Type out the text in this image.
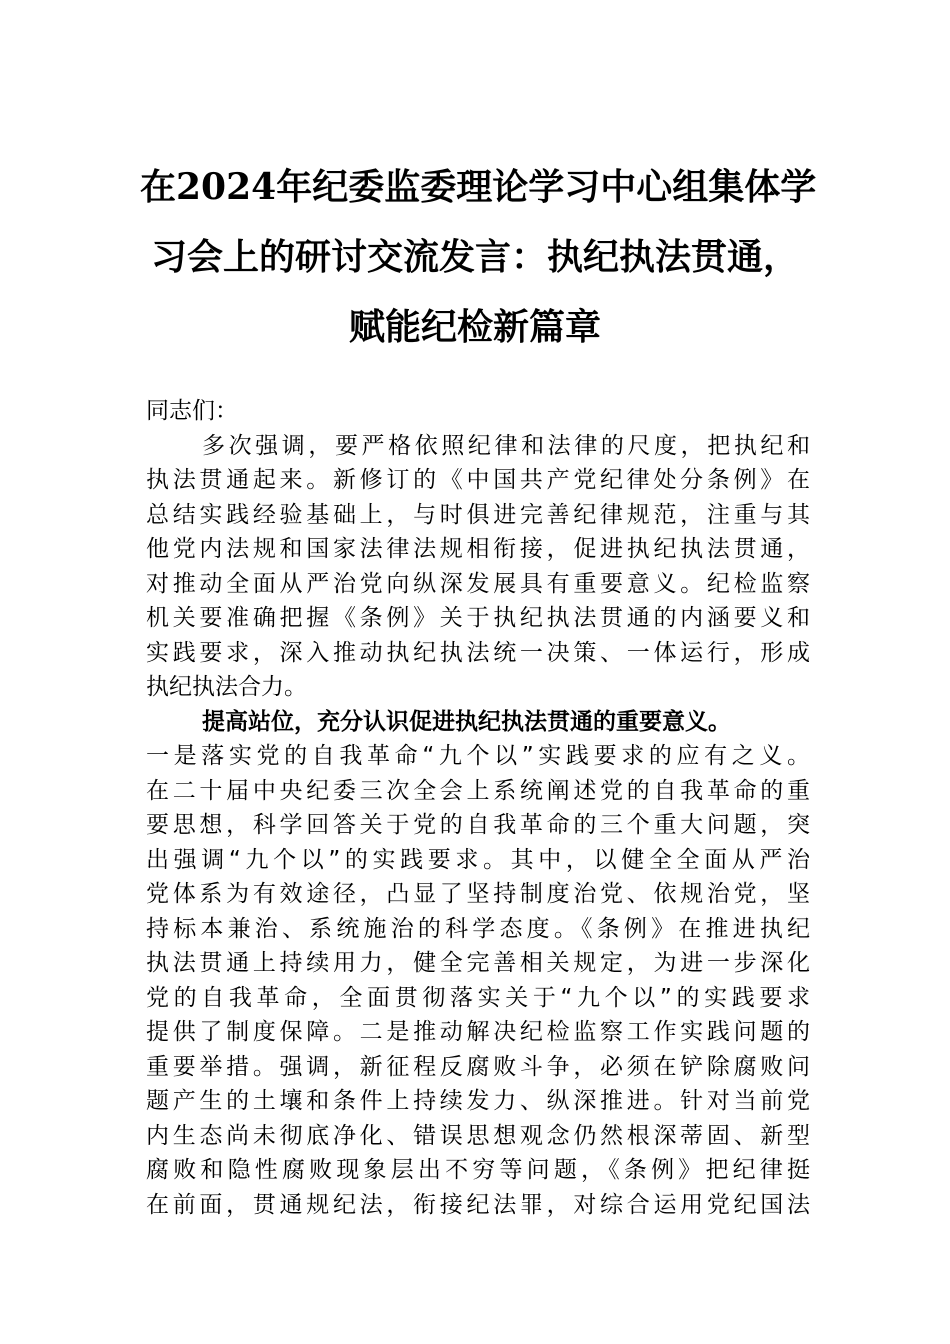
在2024年纪委监委理论学习中心组集体学
习会上的研讨交流发言：执纪执法贯通，
赋能纪检新篇章
同志们：
多次强调，要严格依照纪律和法律的尺度，把执纪和
执法贯通起来。新修订的《中国共产党纪律处分条例》在
总结实践经验基础上，与时俱进完善纪律规范，注重与其
他党内法规和国家法律法规相衔接，促进执纪执法贯通，
对推动全面从严治党向纵深发展具有重要意义。纪检监察
机关要准确把握《条例》关于执纪执法贯通的内涵要义和
实践要求，深入推动执纪执法统一决策、一体运行，形成
执纪执法合力。
提高站位，充分认识促进执纪执法贯通的重要意义。
一是落实党的自我革命“九个以”实践要求的应有之义。
在二十届中央纪委三次全会上系统阐述党的自我革命的重
要思想，科学回答关于党的自我革命的三个重大问题，突
出强调“九个以”的实践要求。其中，以健全全面从严治
党体系为有效途径，凸显了坚持制度治党、依规治党，坚
持标本兼治、系统施治的科学态度。《条例》在推进执纪
执法贯通上持续用力，健全完善相关规定，为进一步深化
党的自我革命，全面贯彻落实关于“九个以”的实践要求
提供了制度保障。二是推动解决纪检监察工作实践问题的
重要举措。强调，新征程反腐败斗争，必须在铲除腐败问
题产生的土壤和条件上持续发力、纵深推进。针对当前党
内生态尚未彻底净化、错误思想观念仍然根深蒂固、新型
腐败和隐性腐败现象层出不穷等问题，《条例》把纪律挺
在前面，贯通规纪法，衔接纪法罪，对综合运用党纪国法
